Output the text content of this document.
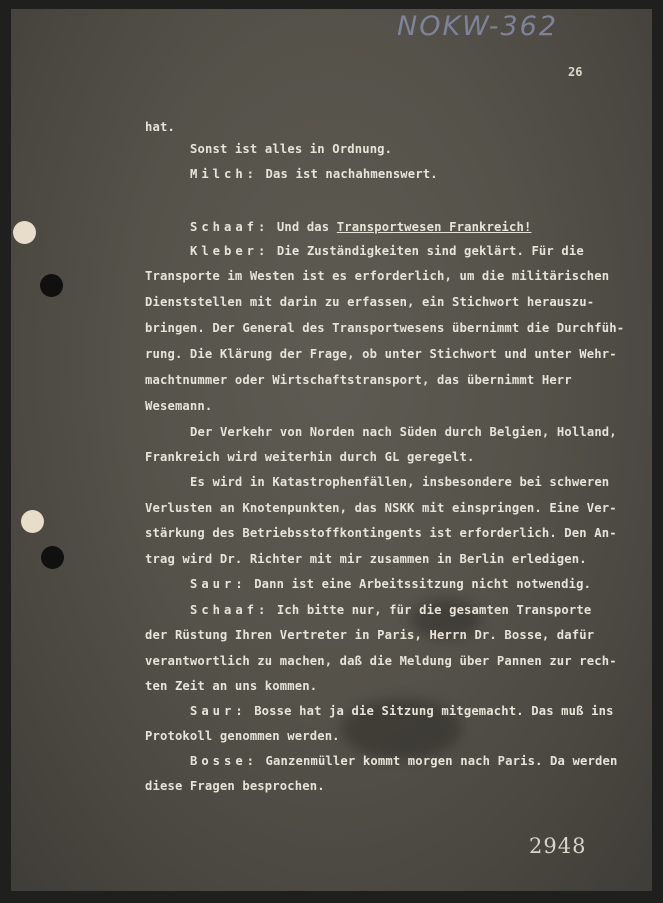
NOKW-362
26
hat.
Sonst ist alles in Ordnung.
Milch: Das ist nachahmenswert.
Schaaf: Und das Transportwesen Frankreich!
Kleber: Die Zuständigkeiten sind geklärt. Für die
Transporte im Westen ist es erforderlich, um die militärischen
Dienststellen mit darin zu erfassen, ein Stichwort herauszu-
bringen. Der General des Transportwesens übernimmt die Durchfüh-
rung. Die Klärung der Frage, ob unter Stichwort und unter Wehr-
machtnummer oder Wirtschaftstransport, das übernimmt Herr
Wesemann.
Der Verkehr von Norden nach Süden durch Belgien, Holland,
Frankreich wird weiterhin durch GL geregelt.
Es wird in Katastrophenfällen, insbesondere bei schweren
Verlusten an Knotenpunkten, das NSKK mit einspringen. Eine Ver-
stärkung des Betriebsstoffkontingents ist erforderlich. Den An-
trag wird Dr. Richter mit mir zusammen in Berlin erledigen.
Saur: Dann ist eine Arbeitssitzung nicht notwendig.
Schaaf: Ich bitte nur, für die gesamten Transporte
der Rüstung Ihren Vertreter in Paris, Herrn Dr. Bosse, dafür
verantwortlich zu machen, daß die Meldung über Pannen zur rech-
ten Zeit an uns kommen.
Saur: Bosse hat ja die Sitzung mitgemacht. Das muß ins
Protokoll genommen werden.
Bosse: Ganzenmüller kommt morgen nach Paris. Da werden
diese Fragen besprochen.
2948
